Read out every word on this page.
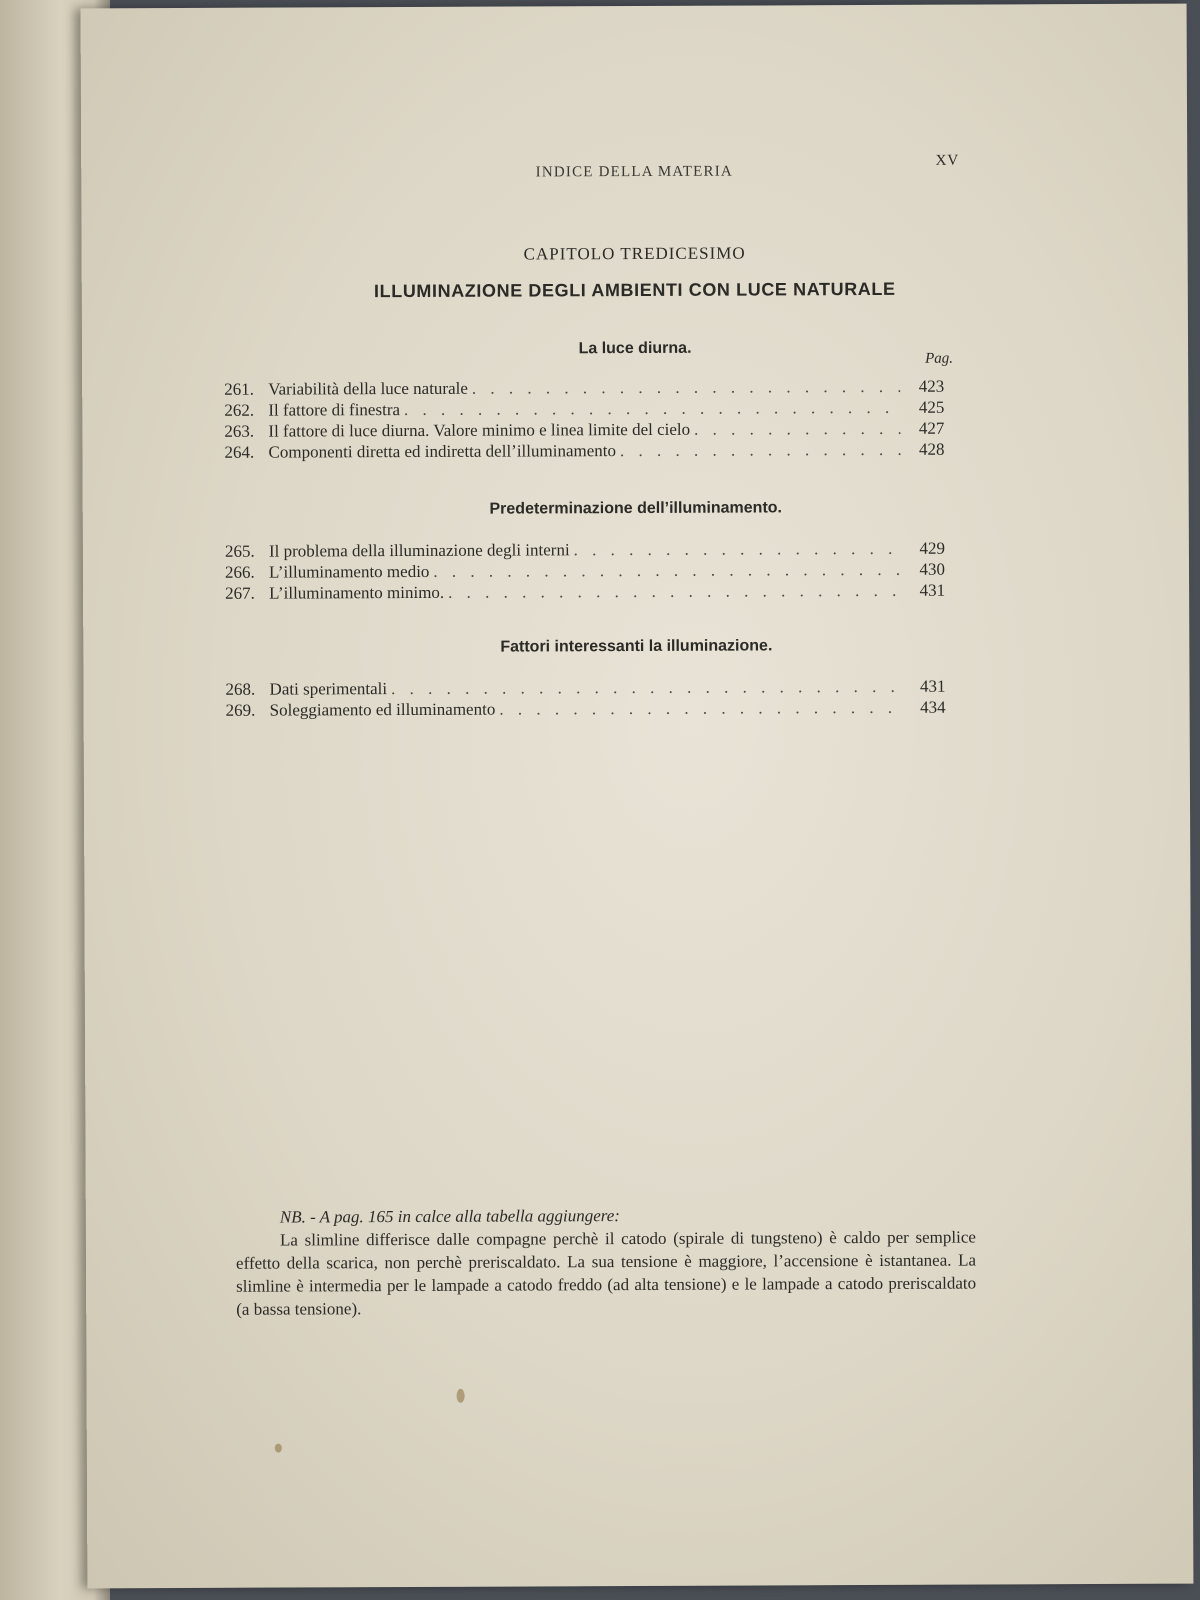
INDICE DELLA MATERIA
XV
CAPITOLO TREDICESIMO
ILLUMINAZIONE DEGLI AMBIENTI CON LUCE NATURALE
Pag.
La luce diurna.
261. Variabilità della luce naturale . . .	423
262. Il fattore di finestra . . .	425
263. Il fattore di luce diurna. Valore minimo e linea limite del cielo . . .	427
264. Componenti diretta ed indiretta dell’illuminamento . . .	428
Predeterminazione dell’illuminamento.
265. Il problema della illuminazione degli interni . . .	429
266. L’illuminamento medio . . .	430
267. L’illuminamento minimo. . . .	431
Fattori interessanti la illuminazione.
268. Dati sperimentali . . .	431
269. Soleggiamento ed illuminamento . . .	434
NB. - A pag. 165 in calce alla tabella aggiungere:
La slimline differisce dalle compagne perchè il catodo (spirale di tungsteno) è caldo per semplice effetto della scarica, non perchè preriscaldato. La sua tensione è maggiore, l’accensione è istantanea. La slimline è intermedia per le lampade a catodo freddo (ad alta tensione) e le lampade a catodo preriscaldato (a bassa tensione).
